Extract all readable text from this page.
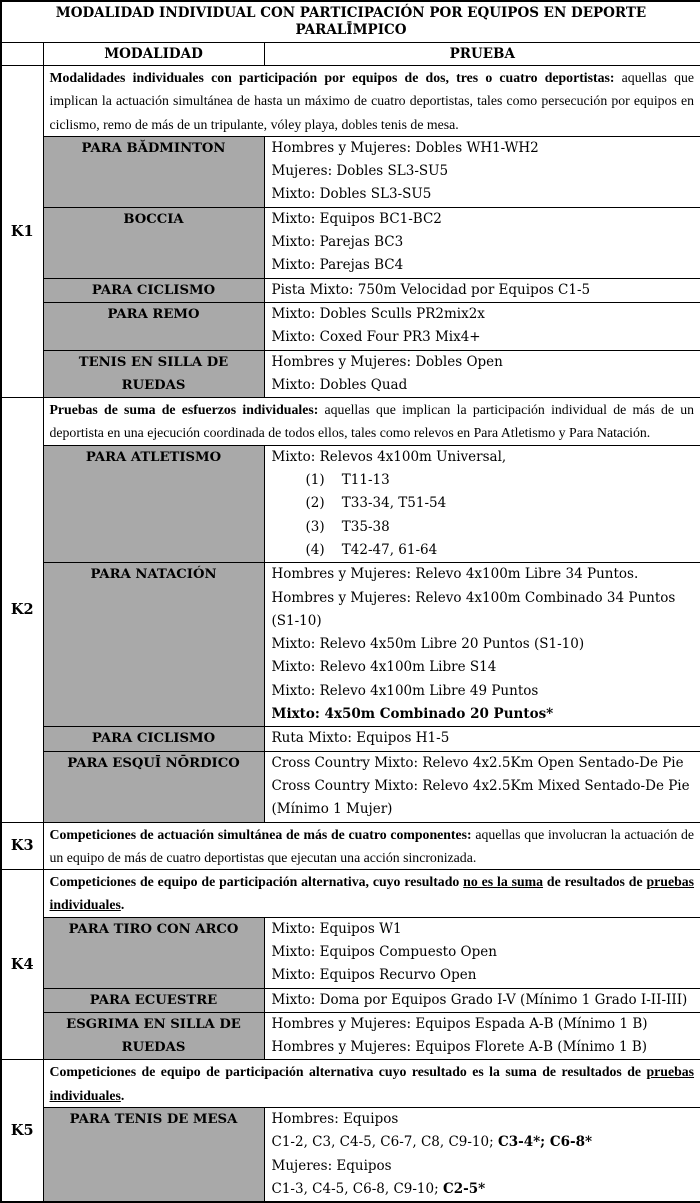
MODALIDAD INDIVIDUAL CON PARTICIPACIÓN POR EQUIPOS EN DEPORTE PARALĪMPICO		
	MODALIDAD	PRUEBA
K1	Modalidades individuales con participación por equipos de dos, tres o cuatro deportistas: aquellas que implican la actuación simultánea de hasta un máximo de cuatro deportistas, tales como persecución por equipos en ciclismo, remo de más de un tripulante, vóley playa, dobles tenis de mesa.	
	PARA BĂDMINTON	Hombres y Mujeres: Dobles WH1-WH2
Mujeres: Dobles SL3-SU5
Mixto: Dobles SL3-SU5

	BOCCIA	Mixto: Equipos BC1-BC2
Mixto: Parejas BC3
Mixto: Parejas BC4

	PARA CICLISMO	Pista Mixto: 750m Velocidad por Equipos C1-5

	PARA REMO	Mixto: Dobles Sculls PR2mix2x
Mixto: Coxed Four PR3 Mix4+

	TENIS EN SILLA DE RUEDAS	Hombres y Mujeres: Dobles Open
Mixto: Dobles Quad

K2	Pruebas de suma de esfuerzos individuales: aquellas que implican la participación individual de más de un deportista en una ejecución coordinada de todos ellos, tales como relevos en Para Atletismo y Para Natación.	
	PARA ATLETISMO	Mixto: Relevos 4x100m Universal,
(1)    T11-13
(2)    T33-34, T51-54
(3)    T35-38
(4)    T42-47, 61-64

PARA NATACIÓN	Hombres y Mujeres: Relevo 4x100m Libre 34 Puntos.
Hombres y Mujeres: Relevo 4x100m Combinado 34 Puntos (S1-10)
Mixto: Relevo 4x50m Libre 20 Puntos (S1-10)
Mixto: Relevo 4x100m Libre S14
Mixto: Relevo 4x100m Libre 49 Puntos
Mixto: 4x50m Combinado 20 Puntos*

	PARA CICLISMO	Ruta Mixto: Equipos H1-5

	PARA ESQUĪ NŌRDICO	Cross Country Mixto: Relevo 4x2.5Km Open Sentado-De Pie
Cross Country Mixto: Relevo 4x2.5Km Mixed Sentado-De Pie (Mínimo 1 Mujer)

K3	Competiciones de actuación simultánea de más de cuatro componentes: aquellas que involucran la actuación de un equipo de más de cuatro deportistas que ejecutan una acción sincronizada.	
K4	Competiciones de equipo de participación alternativa, cuyo resultado no es la suma de resultados de pruebas individuales.	
	PARA TIRO CON ARCO	Mixto: Equipos W1
Mixto: Equipos Compuesto Open
Mixto: Equipos Recurvo Open

	PARA ECUESTRE	Mixto: Doma por Equipos Grado I-V (Mínimo 1 Grado I-II-III)

	ESGRIMA EN SILLA DE RUEDAS	Hombres y Mujeres: Equipos Espada A-B (Mínimo 1 B)
Hombres y Mujeres: Equipos Florete A-B (Mínimo 1 B)

K5	Competiciones de equipo de participación alternativa cuyo resultado es la suma de resultados de pruebas individuales.	
	PARA TENIS DE MESA	Hombres: Equipos
C1-2, C3, C4-5, C6-7, C8, C9-10; C3-4*; C6-8*
Mujeres: Equipos
C1-3, C4-5, C6-8, C9-10; C2-5*
